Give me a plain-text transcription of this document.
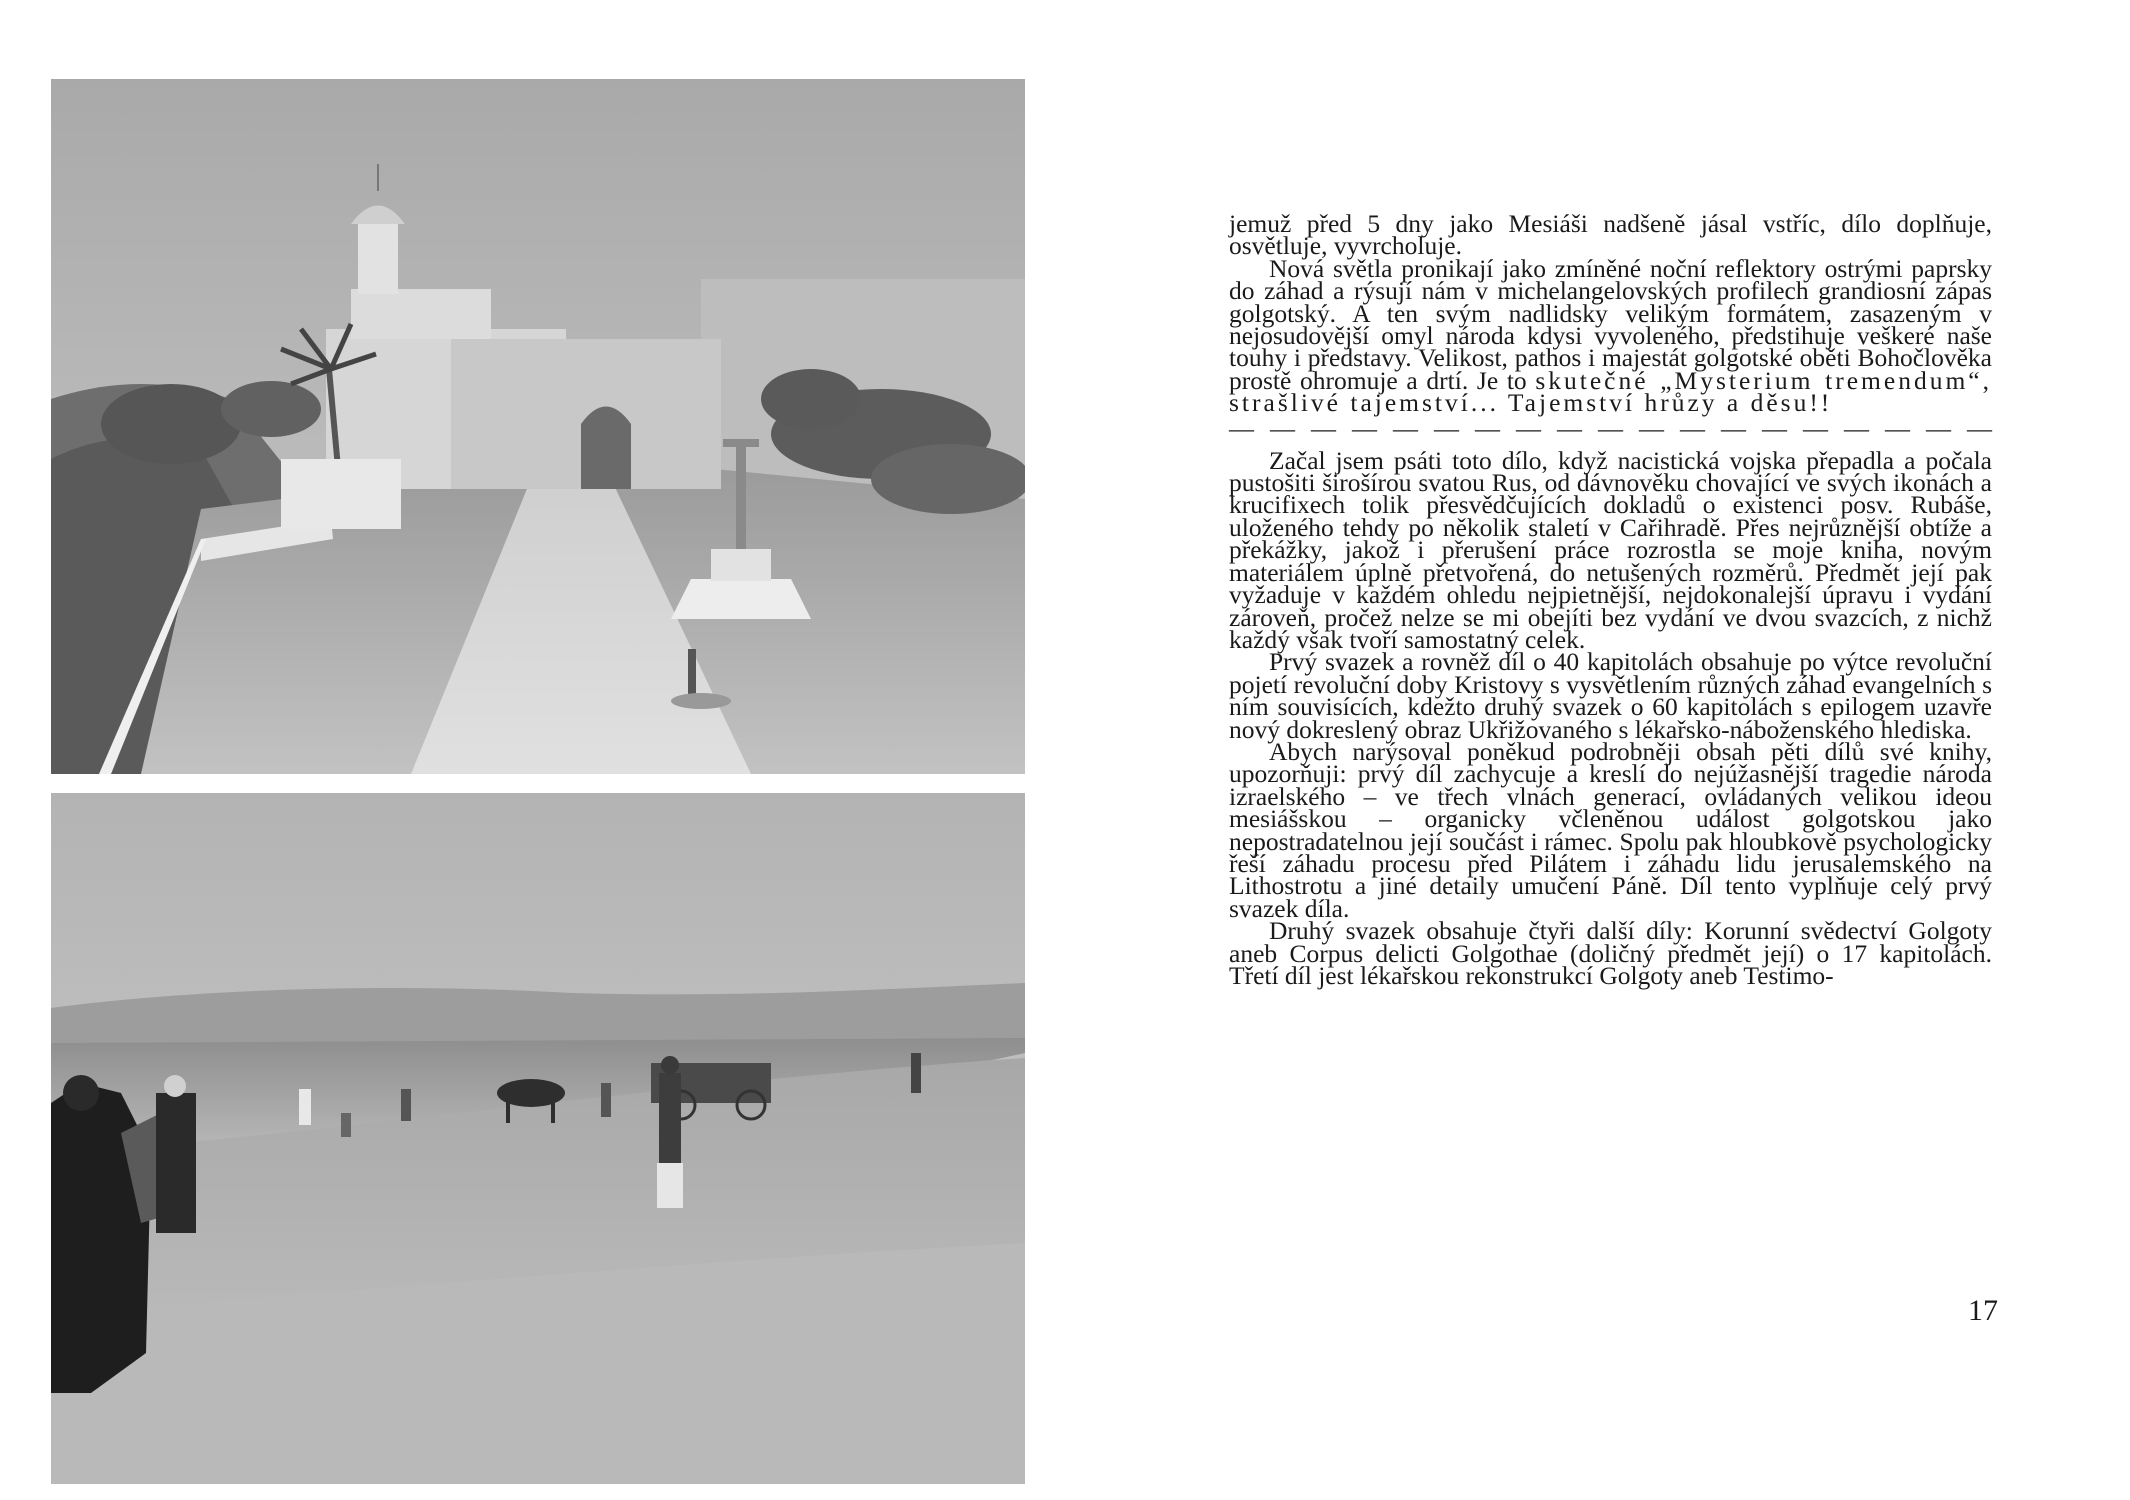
jemuž před 5 dny jako Mesiáši nadšeně jásal vstříc, dílo doplňuje, osvětluje, vyvrcholuje.

Nová světla pronikají jako zmíněné noční reflektory ostrými paprsky do záhad a rýsují nám v michelangelovských profilech grandiosní zápas golgotský. A ten svým nadlidsky velikým formátem, zasazeným v nejosudovější omyl národa kdysi vyvoleného, předstihuje veškeré naše touhy i představy. Velikost, pathos i majestát golgotské oběti Bohočlověka prostě ohromuje a drtí. Je to skutečné „Mysterium tremendum“, strašlivé tajemství... Tajemství hrůzy a děsu!!

— — — — — — — — — — — — — — — — — — —

Začal jsem psáti toto dílo, když nacistická vojska přepadla a počala pustošiti širošírou svatou Rus, od dávnověku chovající ve svých ikonách a krucifixech tolik přesvědčujících dokladů o existenci posv. Rubáše, uloženého tehdy po několik staletí v Cařihradě. Přes nejrůznější obtíže a překážky, jakož i přerušení práce rozrostla se moje kniha, novým materiálem úplně přetvořená, do netušených rozměrů. Předmět její pak vyžaduje v každém ohledu nejpietnější, nejdokonalejší úpravu i vydání zároveň, pročež nelze se mi obejíti bez vydání ve dvou svazcích, z nichž každý však tvoří samostatný celek.

Prvý svazek a rovněž díl o 40 kapitolách obsahuje po výtce revoluční pojetí revoluční doby Kristovy s vysvětlením různých záhad evangelních s ním souvisících, kdežto druhý svazek o 60 kapitolách s epilogem uzavře nový dokreslený obraz Ukřižovaného s lékařsko-náboženského hlediska.

Abych narýsoval poněkud podrobněji obsah pěti dílů své knihy, upozorňuji: prvý díl zachycuje a kreslí do nejúžasnější tragedie národa izraelského – ve třech vlnách generací, ovládaných velikou ideou mesiášskou – organicky včleněnou událost golgotskou jako nepostradatelnou její součást i rámec. Spolu pak hloubkově psychologicky řeší záhadu procesu před Pilátem i záhadu lidu jerusalemského na Lithostrotu a jiné detaily umučení Páně. Díl tento vyplňuje celý prvý svazek díla.

Druhý svazek obsahuje čtyři další díly: Korunní svědectví Golgoty aneb Corpus delicti Golgothae (doličný předmět její) o 17 kapitolách. Třetí díl jest lékařskou rekonstrukcí Golgoty aneb Testimo-

17
